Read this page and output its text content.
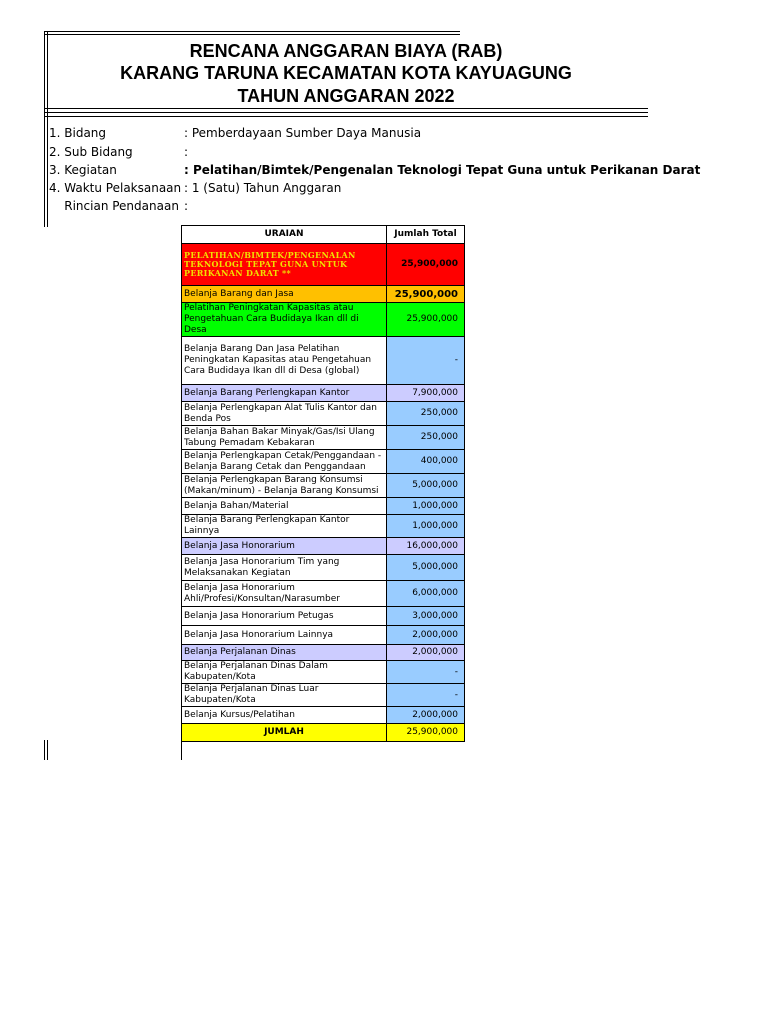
RENCANA ANGGARAN BIAYA (RAB)
KARANG TARUNA KECAMATAN KOTA KAYUAGUNG
TAHUN ANGGARAN 2022
1. Bidang	: Pemberdayaan Sumber Daya Manusia
2. Sub Bidang	:
3. Kegiatan	: Pelatihan/Bimtek/Pengenalan Teknologi Tepat Guna untuk Perikanan Darat
4. Waktu Pelaksanaan : 1 (Satu) Tahun Anggaran
Rincian Pendanaan :
URAIAN	Jumlah Total
PELATIHAN/BIMTEK/PENGENALAN TEKNOLOGI TEPAT GUNA UNTUK PERIKANAN DARAT **	25,900,000
Belanja Barang dan Jasa	25,900,000
Pelatihan Peningkatan Kapasitas atau Pengetahuan Cara Budidaya Ikan dll di Desa	25,900,000
Belanja Barang Dan Jasa Pelatihan Peningkatan Kapasitas atau Pengetahuan Cara Budidaya Ikan dll di Desa (global)	-
Belanja Barang Perlengkapan Kantor	7,900,000
Belanja Perlengkapan Alat Tulis Kantor dan Benda Pos	250,000
Belanja Bahan Bakar Minyak/Gas/Isi Ulang Tabung Pemadam Kebakaran	250,000
Belanja Perlengkapan Cetak/Penggandaan - Belanja Barang Cetak dan Penggandaan	400,000
Belanja Perlengkapan Barang Konsumsi (Makan/minum) - Belanja Barang Konsumsi	5,000,000
Belanja Bahan/Material	1,000,000
Belanja Barang Perlengkapan Kantor Lainnya	1,000,000
Belanja Jasa Honorarium	16,000,000
Belanja Jasa Honorarium Tim yang Melaksanakan Kegiatan	5,000,000
Belanja Jasa Honorarium Ahli/Profesi/Konsultan/Narasumber	6,000,000
Belanja Jasa Honorarium Petugas	3,000,000
Belanja Jasa Honorarium Lainnya	2,000,000
Belanja Perjalanan Dinas	2,000,000
Belanja Perjalanan Dinas Dalam Kabupaten/Kota	-
Belanja Perjalanan Dinas Luar Kabupaten/Kota	-
Belanja Kursus/Pelatihan	2,000,000
JUMLAH	25,900,000
